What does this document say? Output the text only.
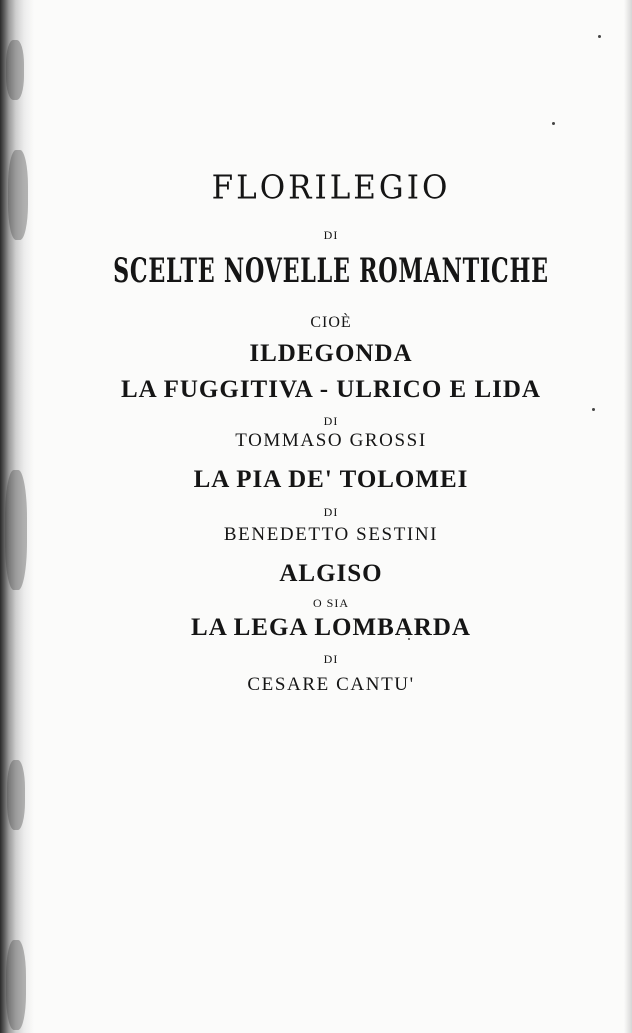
FLORILEGIO

DI

SCELTE NOVELLE ROMANTICHE

CIOÈ

ILDEGONDA

LA FUGGITIVA - ULRICO E LIDA

DI

TOMMASO GROSSI

LA PIA DE' TOLOMEI

DI

BENEDETTO SESTINI

ALGISO

O SIA

LA LEGA LOMBARDA

DI

CESARE CANTU'
